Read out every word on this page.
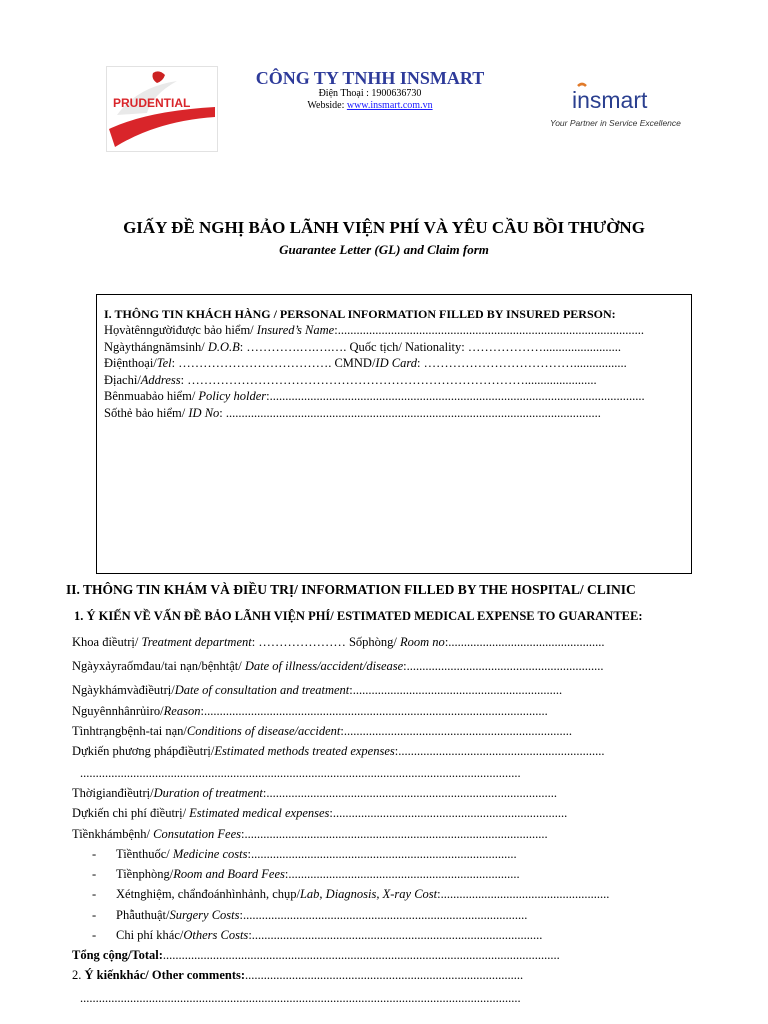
PRUDENTIAL
CÔNG TY TNHH INSMART
Điện Thoại : 1900636730
Webside: www.insmart.com.vn	insmart
Your Partner in Service Excellence
GIẤY ĐỀ NGHỊ BẢO LÃNH VIỆN PHÍ VÀ YÊU CẦU BỒI THƯỜNG
Guarantee Letter (GL) and Claim form
I. THÔNG TIN KHÁCH HÀNG / PERSONAL INFORMATION FILLED BY INSURED PERSON:
Họvàtênngườiđược bảo hiểm/ Insured’s Name:..................................................................................................
Ngàythángnămsinh/ D.O.B: ………….….….…. Quốc tịch/ Nationality: ……………….........................
Điệnthoại/Tel: ………………………………. CMND/ID Card: ……………………………….................
Địachỉ/Address: ……………………………………………………………………….......................
Bênmuabảo hiểm/ Policy holder:........................................................................................................................
Sốthẻ bảo hiểm/ ID No: ........................................................................................................................
II. THÔNG TIN KHÁM VÀ ĐIỀU TRỊ/ INFORMATION FILLED BY THE HOSPITAL/ CLINIC
1. Ý KIẾN VỀ VẤN ĐỀ BẢO LÃNH VIỆN PHÍ/ ESTIMATED MEDICAL EXPENSE TO GUARANTEE:
Khoa điềutrị/ Treatment department: ………………… Sốphòng/ Room no:..................................................
Ngàyxảyraốmđau/tai nạn/bệnhtật/ Date of illness/accident/disease:...............................................................
Ngàykhámvàđiềutrị/Date of consultation and treatment:...................................................................
Nguyênnhânrủiro/Reason:..............................................................................................................
Tìnhtrạngbệnh-tai nạn/Conditions of disease/accident:.........................................................................
Dựkiến phương phápđiềutrị/Estimated methods treated expenses:..................................................................
.............................................................................................................................................
Thờigianđiềutrị/Duration of treatment:.............................................................................................
Dựkiến chi phí điềutrị/ Estimated medical expenses:...........................................................................
Tiềnkhámbệnh/ Consutation Fees:.................................................................................................
- Tiềnthuốc/ Medicine costs:.....................................................................................
- Tiềnphòng/Room and Board Fees:..........................................................................
- Xétnghiệm, chẩnđoánhìnhảnh, chụp/Lab, Diagnosis, X-ray Cost:......................................................
- Phẫuthuật/Surgery Costs:...........................................................................................
- Chi phí khác/Others Costs:.............................................................................................
Tổng cộng/Total:...............................................................................................................................
2. Ý kiếnkhác/ Other comments:.........................................................................................
.............................................................................................................................................
